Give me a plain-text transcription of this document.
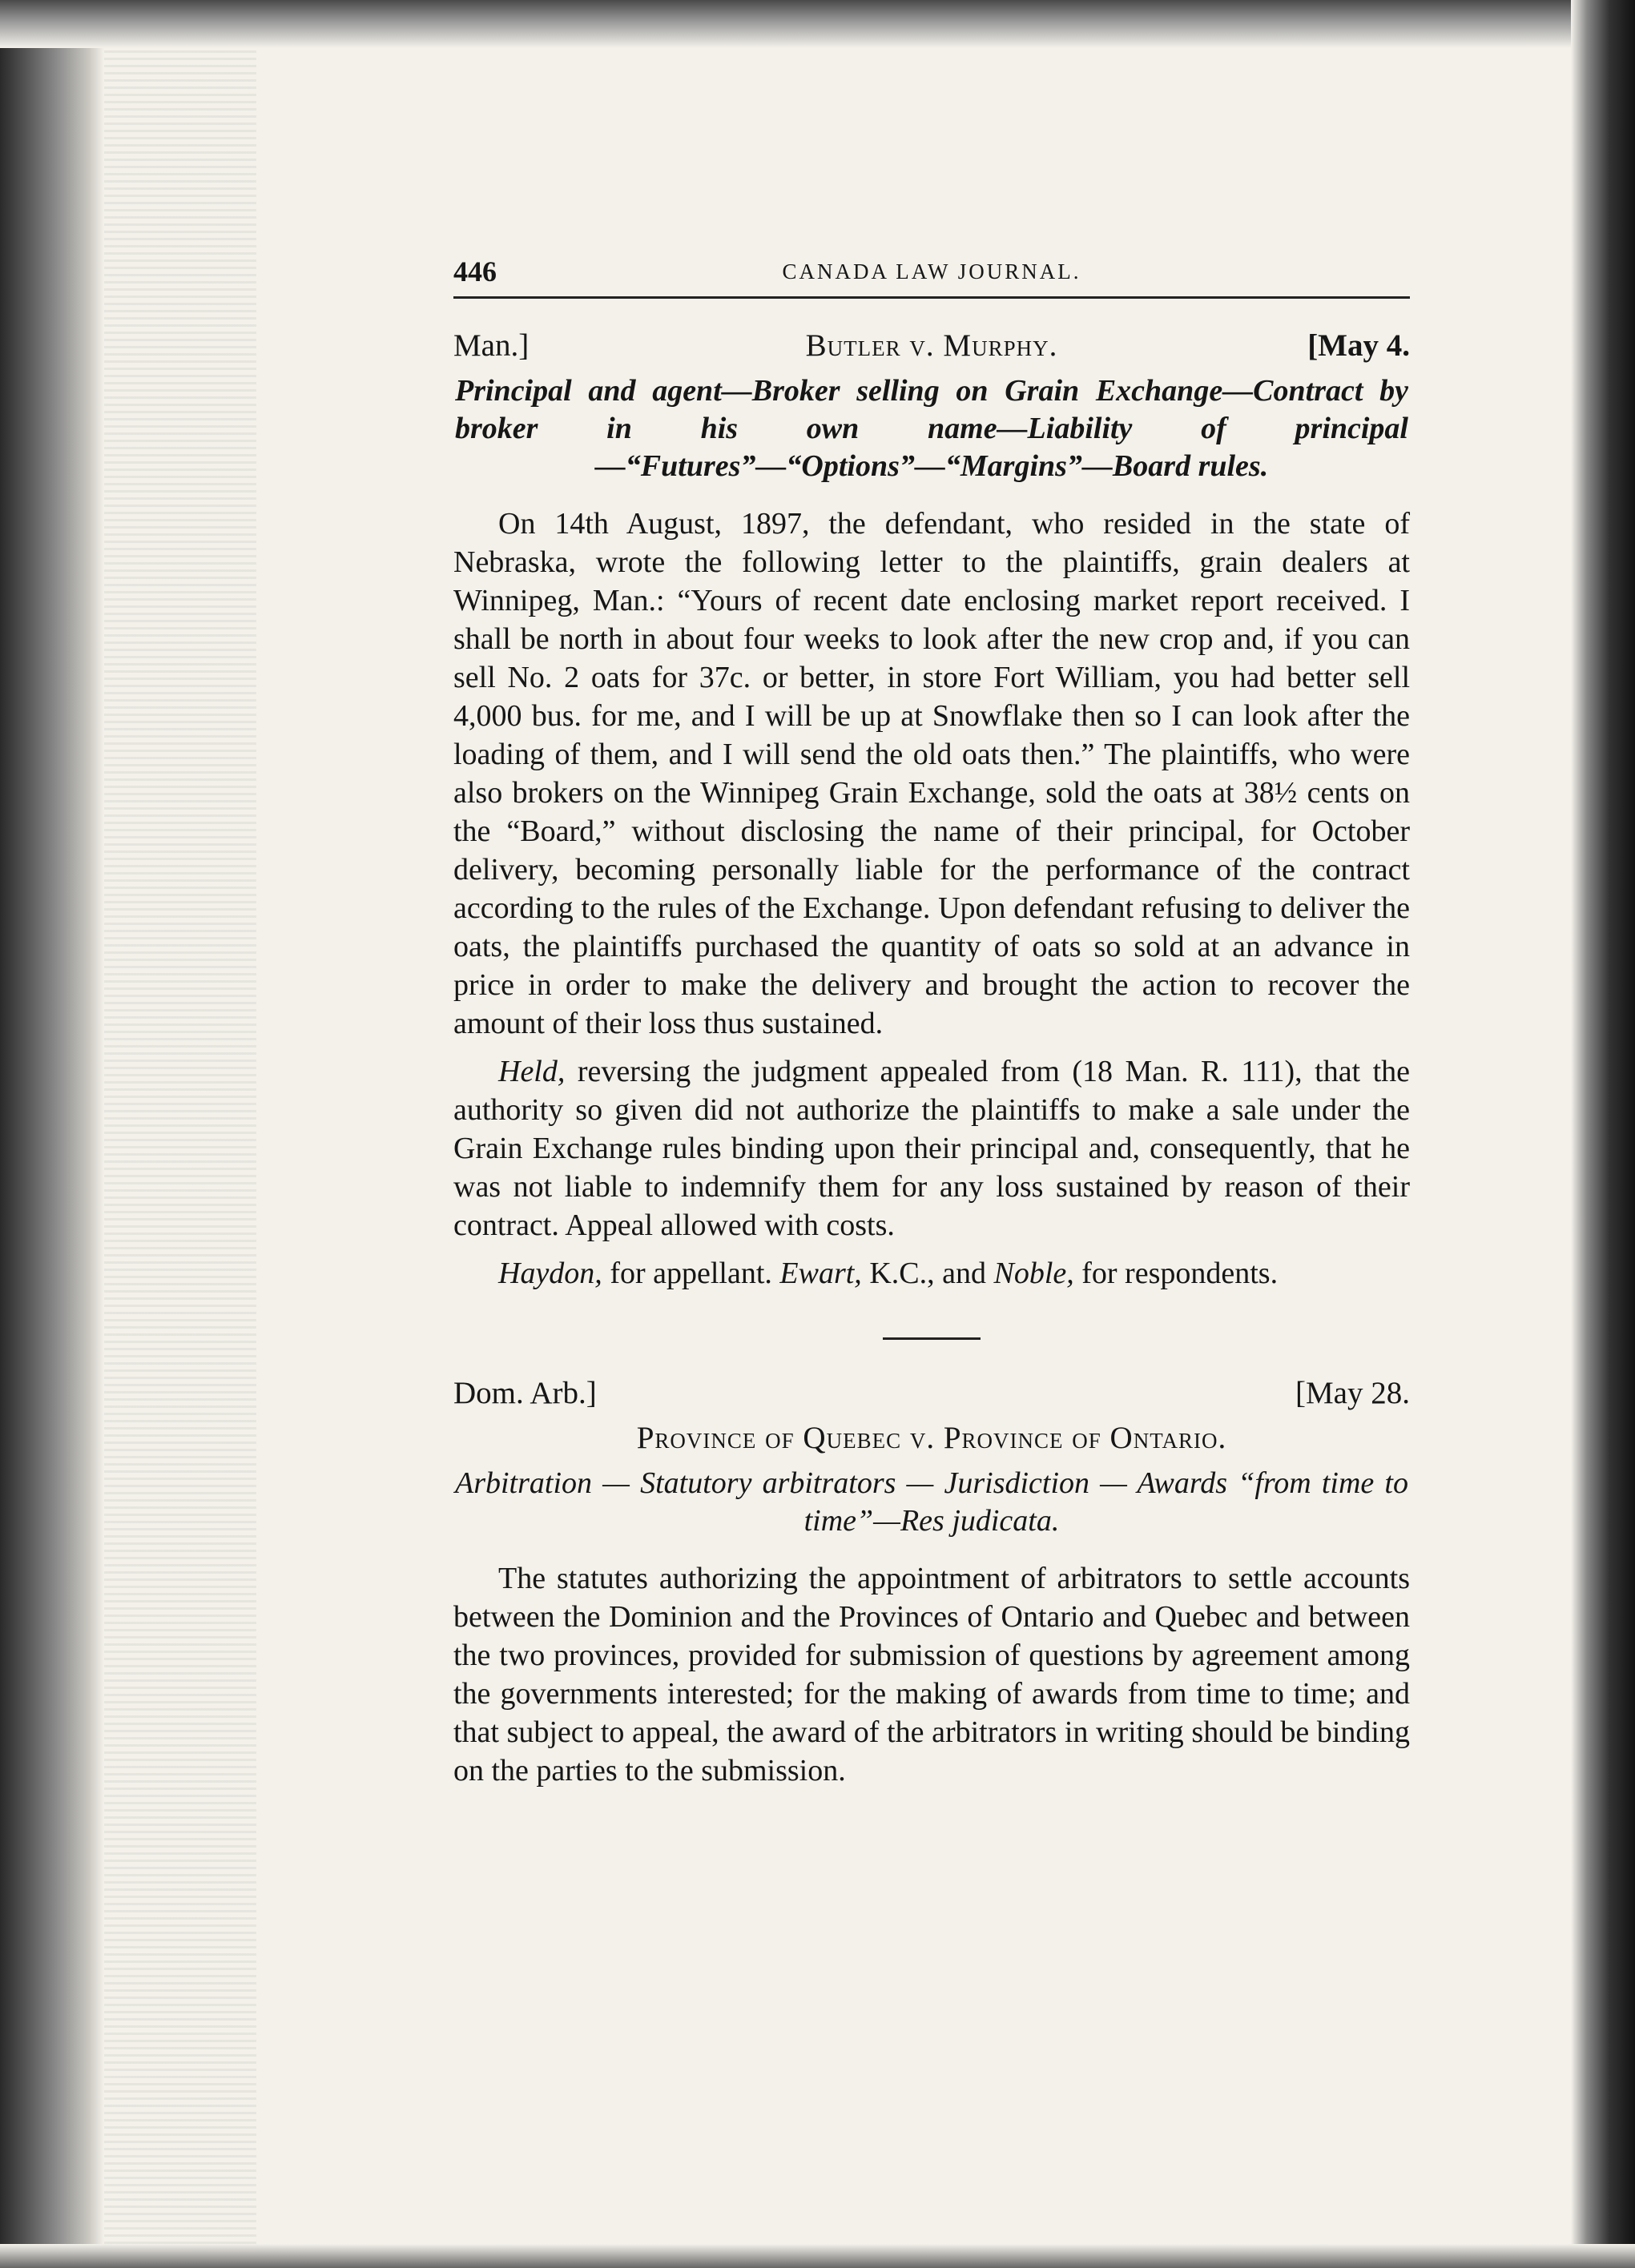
446	CANADA LAW JOURNAL.
Man.]	Butler v. Murphy.	[May 4.

Principal and agent—Broker selling on Grain Exchange—Contract by broker in his own name—Liability of principal—“Futures”—“Options”—“Margins”—Board rules.

On 14th August, 1897, the defendant, who resided in the state of Nebraska, wrote the following letter to the plaintiffs, grain dealers at Winnipeg, Man.: “Yours of recent date enclosing market report received. I shall be north in about four weeks to look after the new crop and, if you can sell No. 2 oats for 37c. or better, in store Fort William, you had better sell 4,000 bus. for me, and I will be up at Snowflake then so I can look after the loading of them, and I will send the old oats then.” The plaintiffs, who were also brokers on the Winnipeg Grain Exchange, sold the oats at 38½ cents on the “Board,” without disclosing the name of their principal, for October delivery, becoming personally liable for the performance of the contract according to the rules of the Exchange. Upon defendant refusing to deliver the oats, the plaintiffs purchased the quantity of oats so sold at an advance in price in order to make the delivery and brought the action to recover the amount of their loss thus sustained.

Held, reversing the judgment appealed from (18 Man. R. 111), that the authority so given did not authorize the plaintiffs to make a sale under the Grain Exchange rules binding upon their principal and, consequently, that he was not liable to indemnify them for any loss sustained by reason of their contract. Appeal allowed with costs.

Haydon, for appellant. Ewart, K.C., and Noble, for respondents.

Dom. Arb.]	[May 28.
Province of Quebec v. Province of Ontario.

Arbitration — Statutory arbitrators — Jurisdiction — Awards “from time to time”—Res judicata.

The statutes authorizing the appointment of arbitrators to settle accounts between the Dominion and the Provinces of Ontario and Quebec and between the two provinces, provided for submission of questions by agreement among the governments interested; for the making of awards from time to time; and that subject to appeal, the award of the arbitrators in writing should be binding on the parties to the submission.
